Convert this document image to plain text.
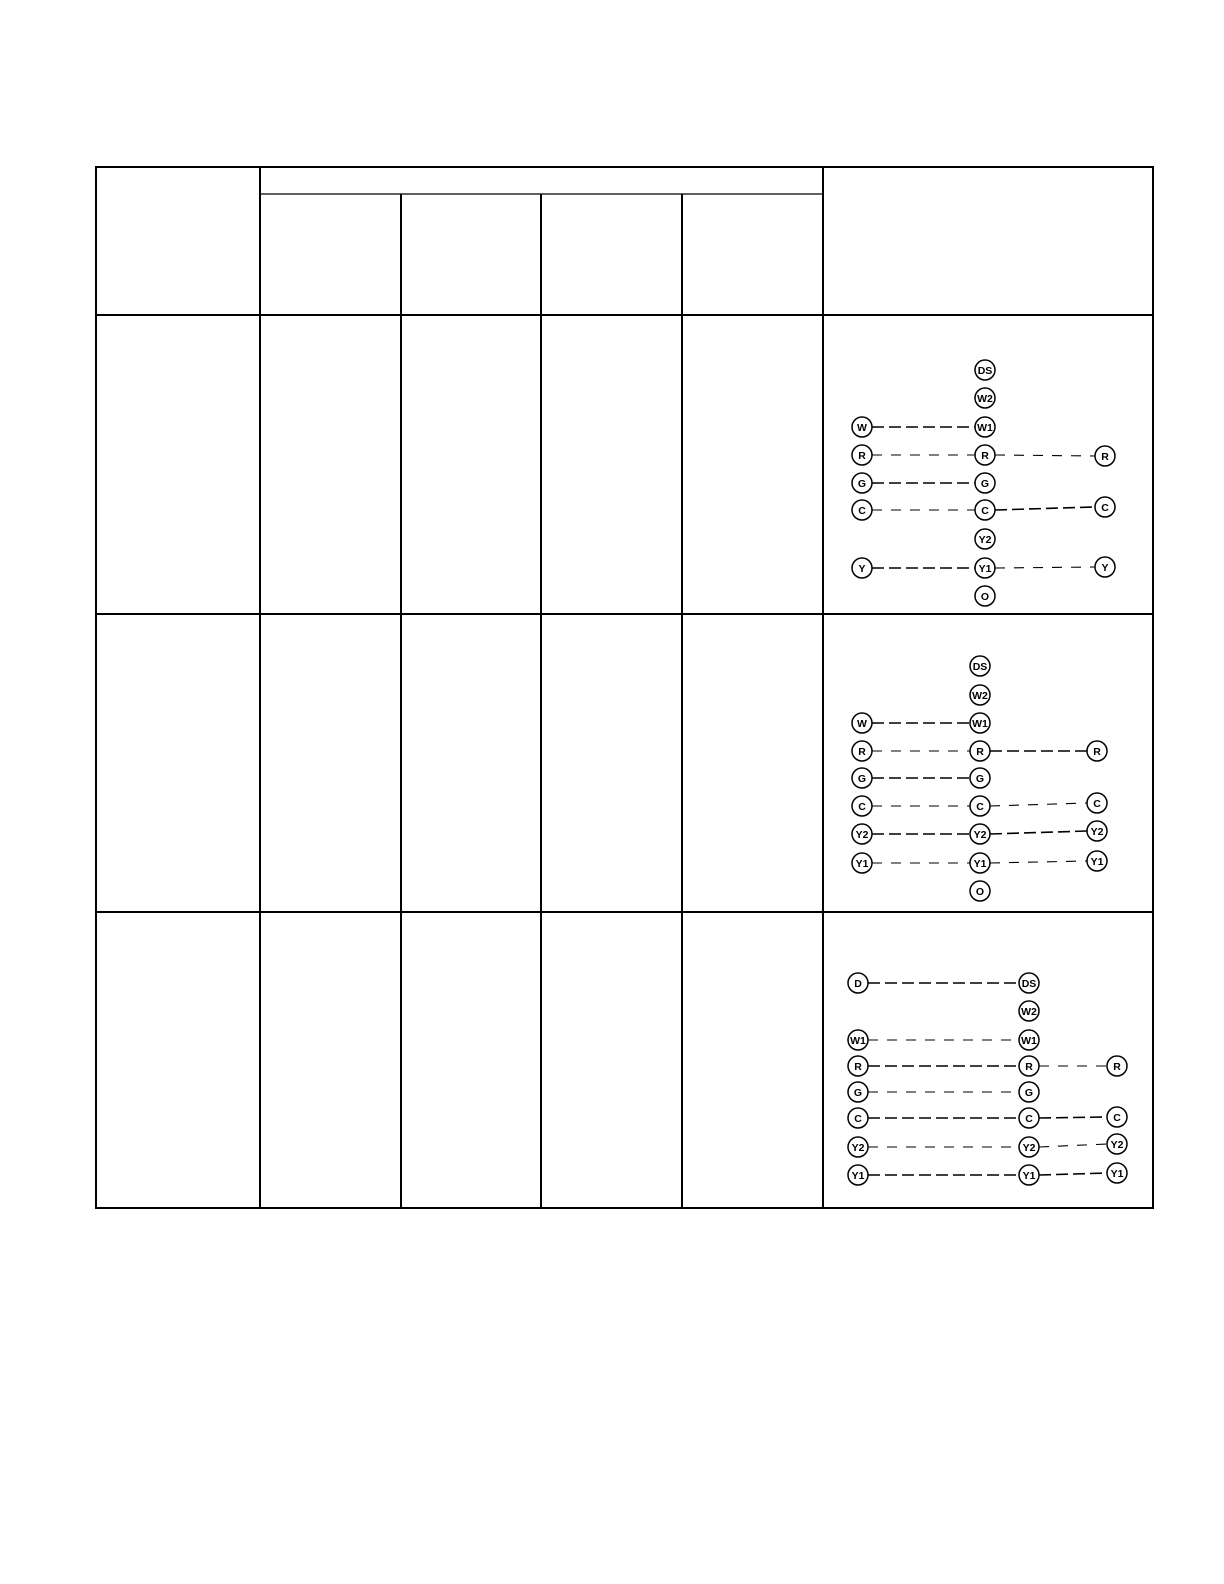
W
R
G
C
Y
DS
W2
W1
R
G
C
Y2
Y1
O
R
C
Y
W
R
G
C
Y2
Y1
DS
W2
W1
R
G
C
Y2
Y1
O
R
C
Y2
Y1
D
W1
R
G
C
Y2
Y1
DS
W2
W1
R
G
C
Y2
Y1
R
C
Y2
Y1
